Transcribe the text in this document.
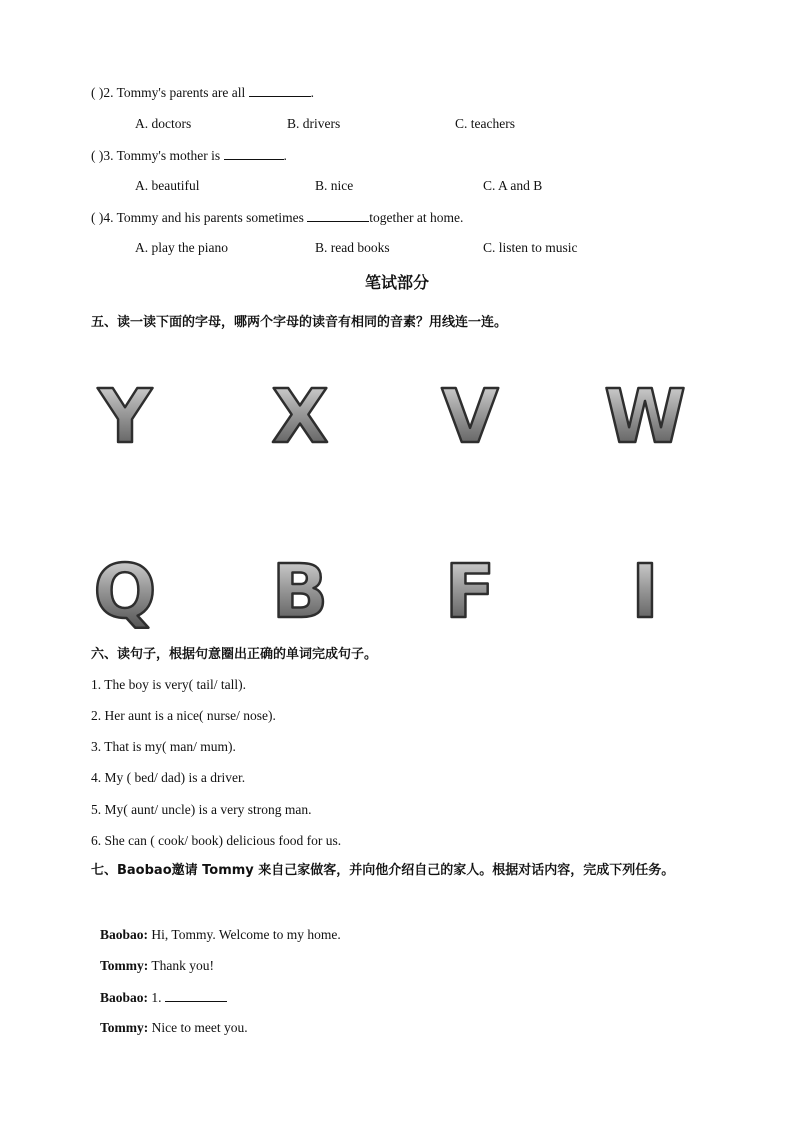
( )2. Tommy's parents are all	.
A. doctors	B. drivers	C. teachers
( )3. Tommy's mother is	.
A. beautiful	B. nice	C. A and B
( )4. Tommy and his parents sometimes	together at home.
A. play the piano	B. read books	C. listen to music
笔试部分
五、读一读下面的字母，哪两个字母的读音有相同的音素？用线连一连。
Y X V W
Q B F I
六、读句子，根据句意圈出正确的单词完成句子。
1. The boy is very( tail/ tall).
2. Her aunt is a nice( nurse/ nose).
3. That is my( man/ mum).
4. My ( bed/ dad) is a driver.
5. My( aunt/ uncle) is a very strong man.
6. She can ( cook/ book) delicious food for us.
七、Baobao邀请 Tommy 来自己家做客，并向他介绍自己的家人。根据对话内容，完成下列任务。
Baobao: Hi, Tommy. Welcome to my home.
Tommy: Thank you!
Baobao: 1.
Tommy: Nice to meet you.
